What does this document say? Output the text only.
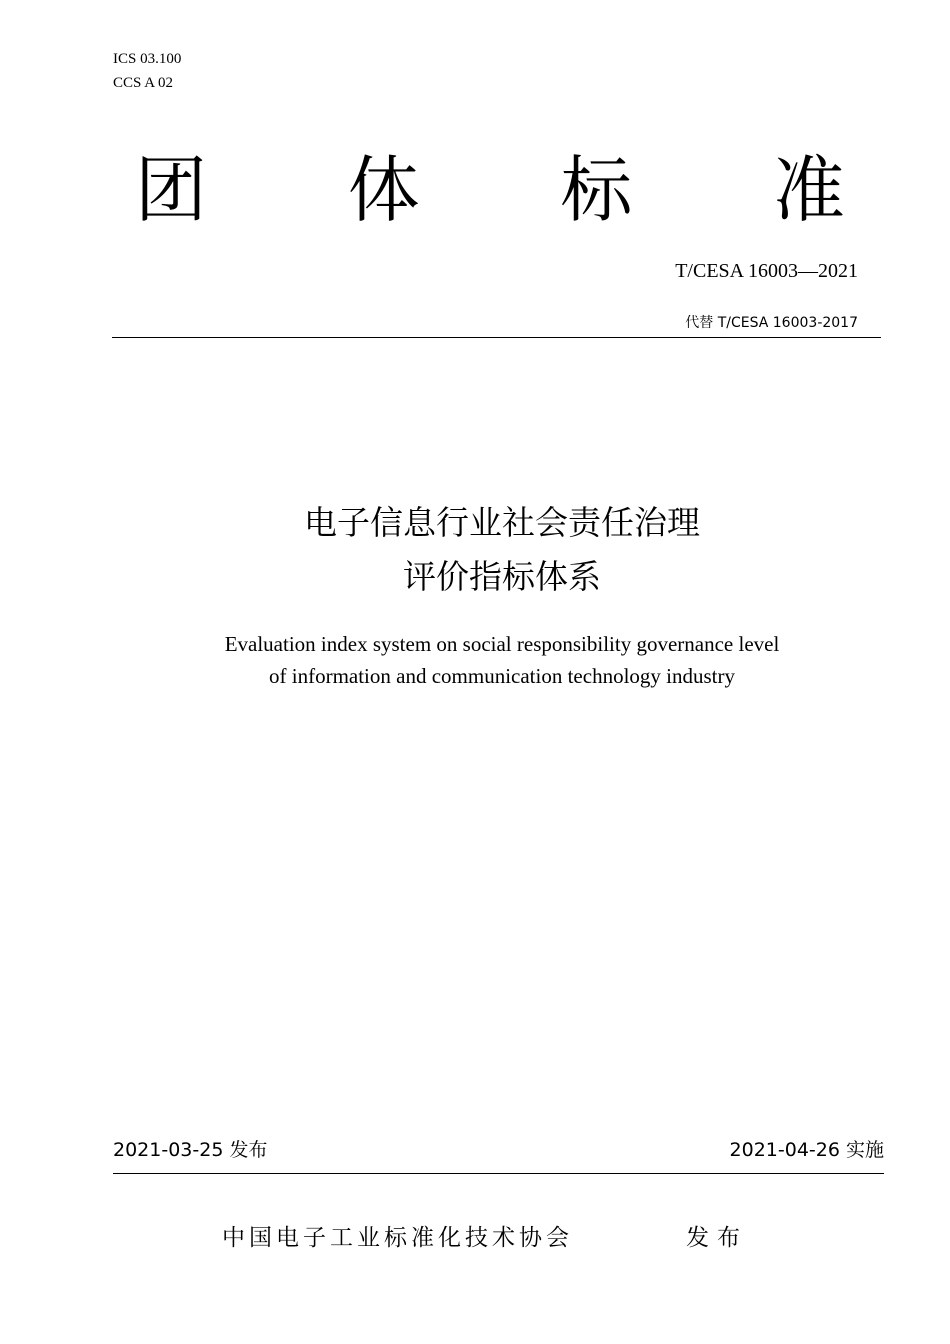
ICS 03.100
CCS A 02
团 体 标 准
T/CESA 16003—2021
代替 T/CESA 16003-2017
电子信息行业社会责任治理
评价指标体系
Evaluation index system on social responsibility governance level
of information and communication technology industry
2021-03-25 发布	2021-04-26 实施
中国电子工业标准化技术协会	发布
